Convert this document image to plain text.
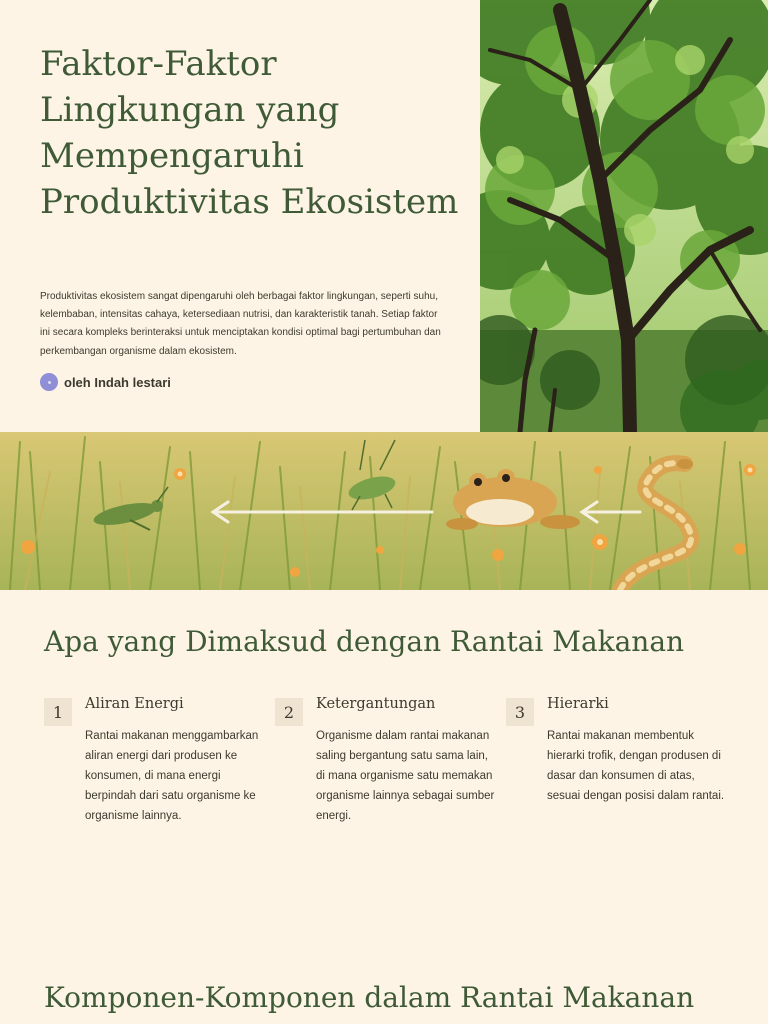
Faktor-Faktor Lingkungan yang Mempengaruhi Produktivitas Ekosistem

Produktivitas ekosistem sangat dipengaruhi oleh berbagai faktor lingkungan, seperti suhu, kelembaban, intensitas cahaya, ketersediaan nutrisi, dan karakteristik tanah. Setiap faktor ini secara kompleks berinteraksi untuk menciptakan kondisi optimal bagi pertumbuhan dan perkembangan organisme dalam ekosistem.

oleh Indah lestari
Apa yang Dimaksud dengan Rantai Makanan
1	Aliran Energi
Rantai makanan menggambarkan aliran energi dari produsen ke konsumen, di mana energi berpindah dari satu organisme ke organisme lainnya.
2	Ketergantungan
Organisme dalam rantai makanan saling bergantung satu sama lain, di mana organisme satu memakan organisme lainnya sebagai sumber energi.
3	Hierarki
Rantai makanan membentuk hierarki trofik, dengan produsen di dasar dan konsumen di atas, sesuai dengan posisi dalam rantai.
Komponen-Komponen dalam Rantai Makanan
